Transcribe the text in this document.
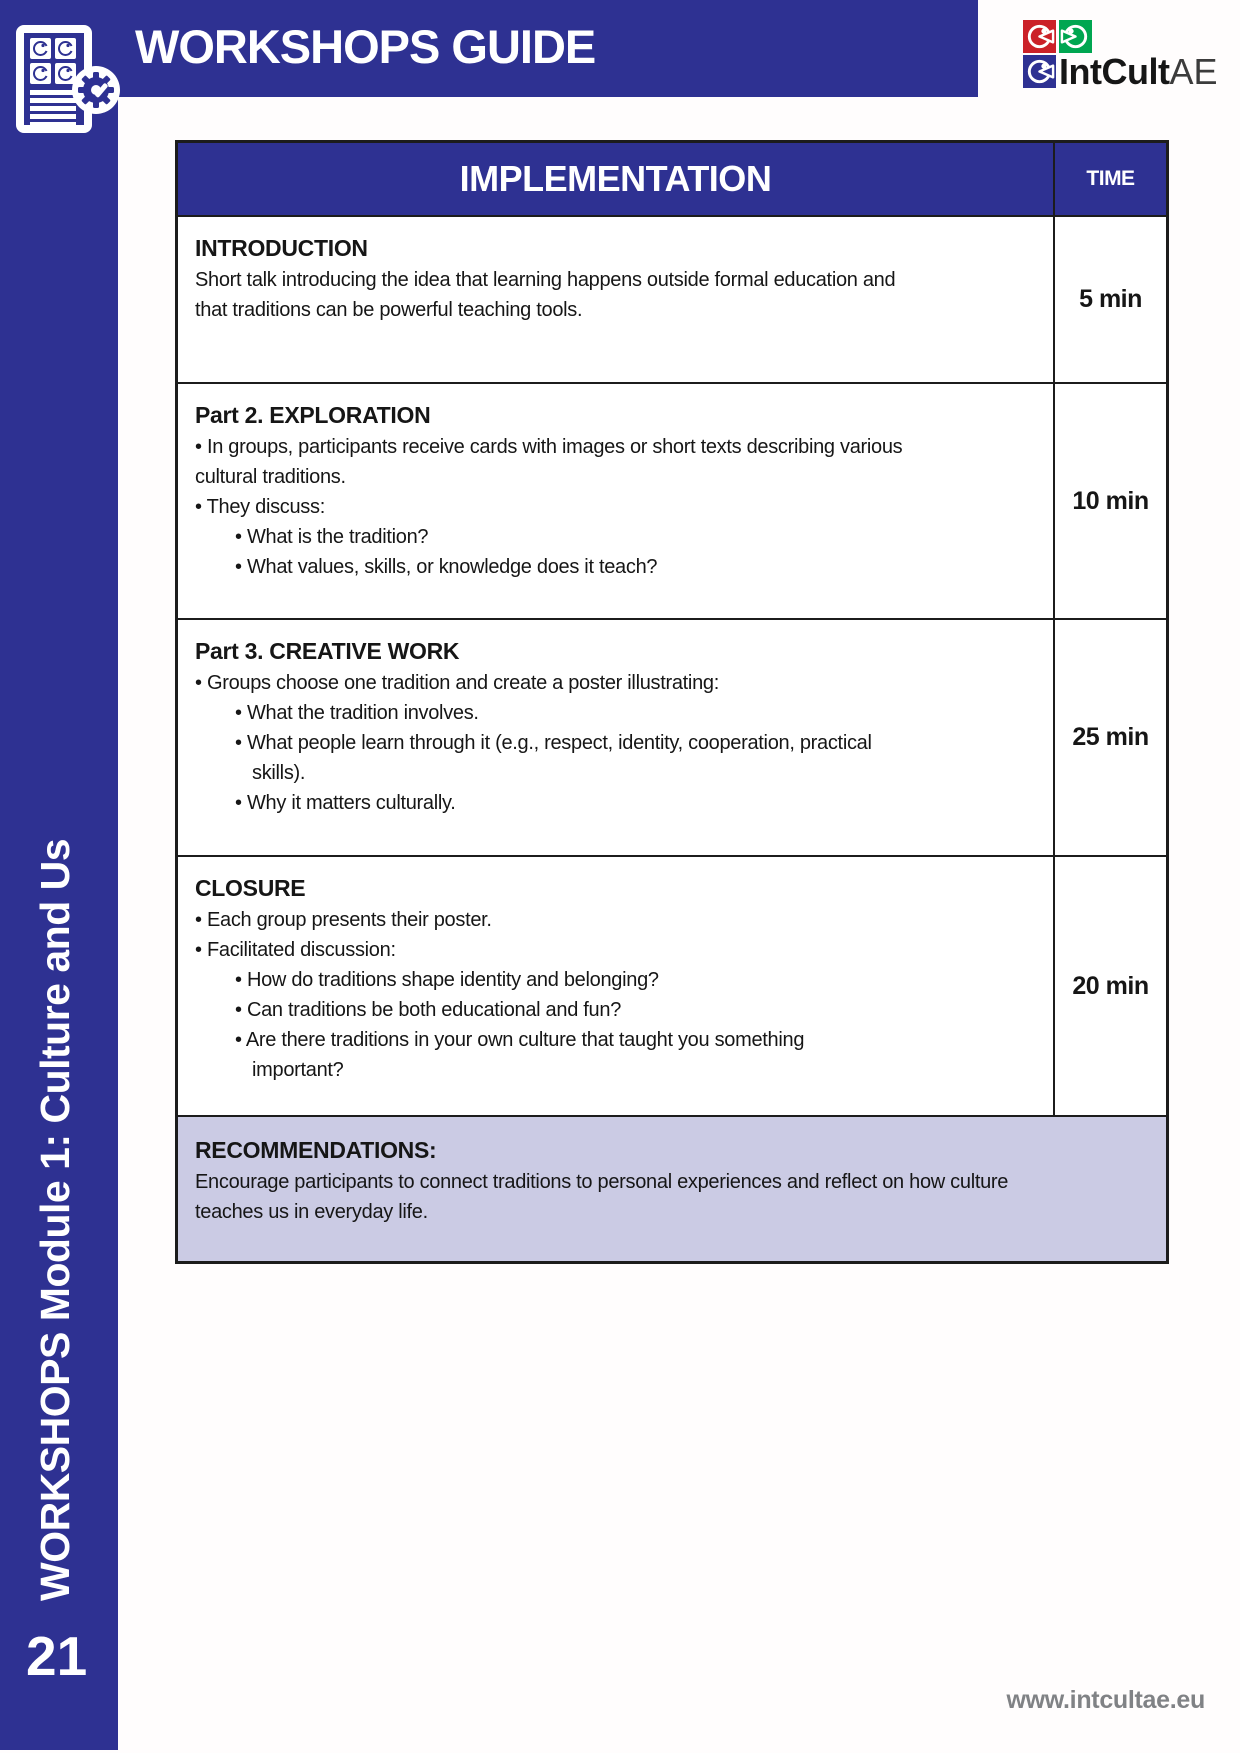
WORKSHOPS Module 1: Culture and Us
21
WORKSHOPS GUIDE	IntCultAE
IMPLEMENTATION	TIME
INTRODUCTION
Short talk introducing the idea that learning happens outside formal education and
that traditions can be powerful teaching tools.	5 min
Part 2. EXPLORATION
• In groups, participants receive cards with images or short texts describing various
cultural traditions.
• They discuss:
• What is the tradition?
• What values, skills, or knowledge does it teach?
10 min
Part 3. CREATIVE WORK
• Groups choose one tradition and create a poster illustrating:
• What the tradition involves.
• What people learn through it (e.g., respect, identity, cooperation, practical
skills).
• Why it matters culturally.
25 min
CLOSURE
• Each group presents their poster.
• Facilitated discussion:
• How do traditions shape identity and belonging?
• Can traditions be both educational and fun?
• Are there traditions in your own culture that taught you something
important?
20 min
RECOMMENDATIONS:
Encourage participants to connect traditions to personal experiences and reflect on how culture
teaches us in everyday life.
www.intcultae.eu
